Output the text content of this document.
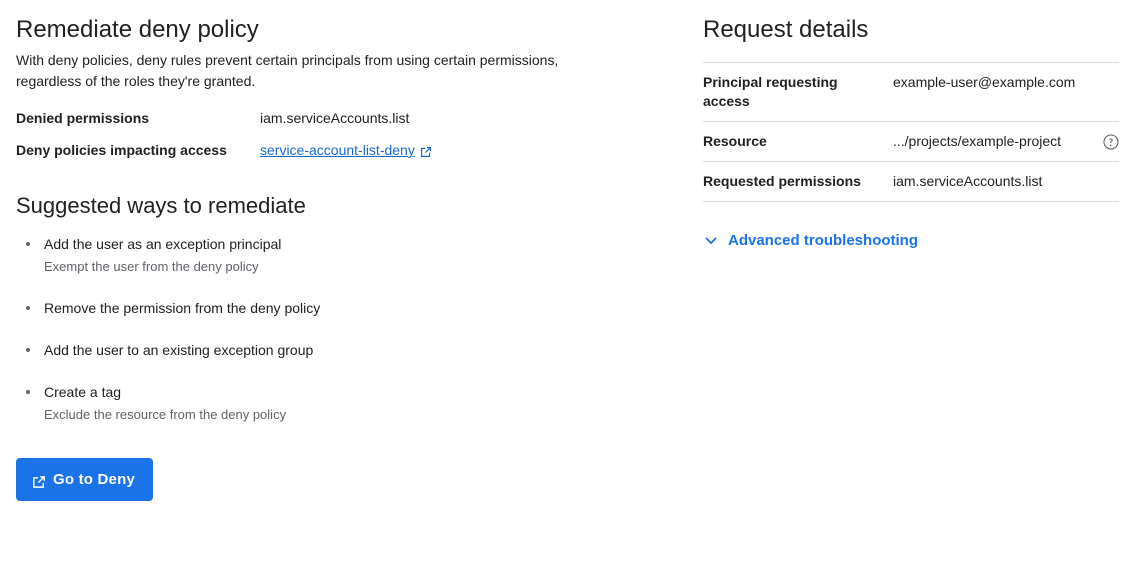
Remediate deny policy

With deny policies, deny rules prevent certain principals from using certain permissions, regardless of the roles they're granted.

Denied permissions	iam.serviceAccounts.list
Deny policies impacting access	service-account-list-deny
Suggested ways to remediate
Add the user as an exception principal
Exempt the user from the deny policy
Remove the permission from the deny policy
Add the user to an existing exception group
Create a tag
Exclude the resource from the deny policy
Go to Deny
Request details
Principal requesting access	example-user@example.com
Resource	.../projects/example-project

Requested permissions	iam.serviceAccounts.list
Advanced troubleshooting
